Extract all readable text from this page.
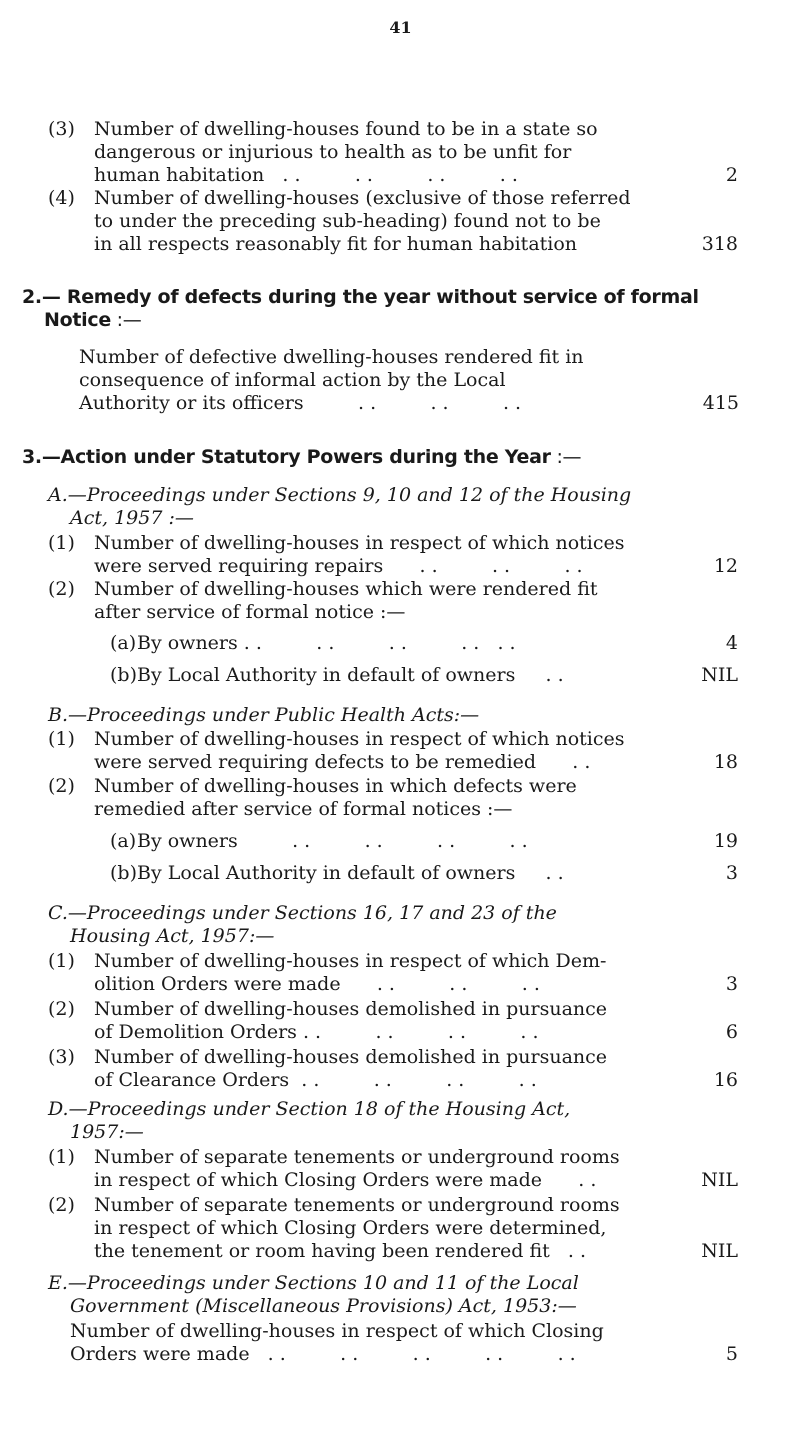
41
(3) Number of dwelling-houses found to be in a state so
dangerous or injurious to health as to be unfit for
human habitation   . .         . .         . .         . .	2
(4) Number of dwelling-houses (exclusive of those referred
to under the preceding sub-heading) found not to be
in all respects reasonably fit for human habitation	318
2.— Remedy of defects during the year without service of formal
Notice :—
Number of defective dwelling-houses rendered fit in
consequence of informal action by the Local
Authority or its officers         . .         . .         . .	415
3.—Action under Statutory Powers during the Year :—
A.—Proceedings under Sections 9, 10 and 12 of the Housing
Act, 1957 :—
(1) Number of dwelling-houses in respect of which notices
were served requiring repairs      . .         . .         . .	12
(2) Number of dwelling-houses which were rendered fit
after service of formal notice :—
(a) By owners . .         . .         . .         . .   . .	4
(b) By Local Authority in default of owners     . .	NIL
B.—Proceedings under Public Health Acts:—
(1) Number of dwelling-houses in respect of which notices
were served requiring defects to be remedied      . .	18
(2) Number of dwelling-houses in which defects were
remedied after service of formal notices :—
(a) By owners         . .         . .         . .         . .	19
(b) By Local Authority in default of owners     . .	3
C.—Proceedings under Sections 16, 17 and 23 of the
Housing Act, 1957:—
(1) Number of dwelling-houses in respect of which Dem-
olition Orders were made      . .         . .         . .	3
(2) Number of dwelling-houses demolished in pursuance
of Demolition Orders . .         . .         . .         . .	6
(3) Number of dwelling-houses demolished in pursuance
of Clearance Orders  . .         . .         . .         . .	16
D.—Proceedings under Section 18 of the Housing Act,
1957:—
(1) Number of separate tenements or underground rooms
in respect of which Closing Orders were made      . .	NIL
(2) Number of separate tenements or underground rooms
in respect of which Closing Orders were determined,
the tenement or room having been rendered fit   . .	NIL
E.—Proceedings under Sections 10 and 11 of the Local
Government (Miscellaneous Provisions) Act, 1953:—
Number of dwelling-houses in respect of which Closing
Orders were made   . .         . .         . .         . .         . .	5
